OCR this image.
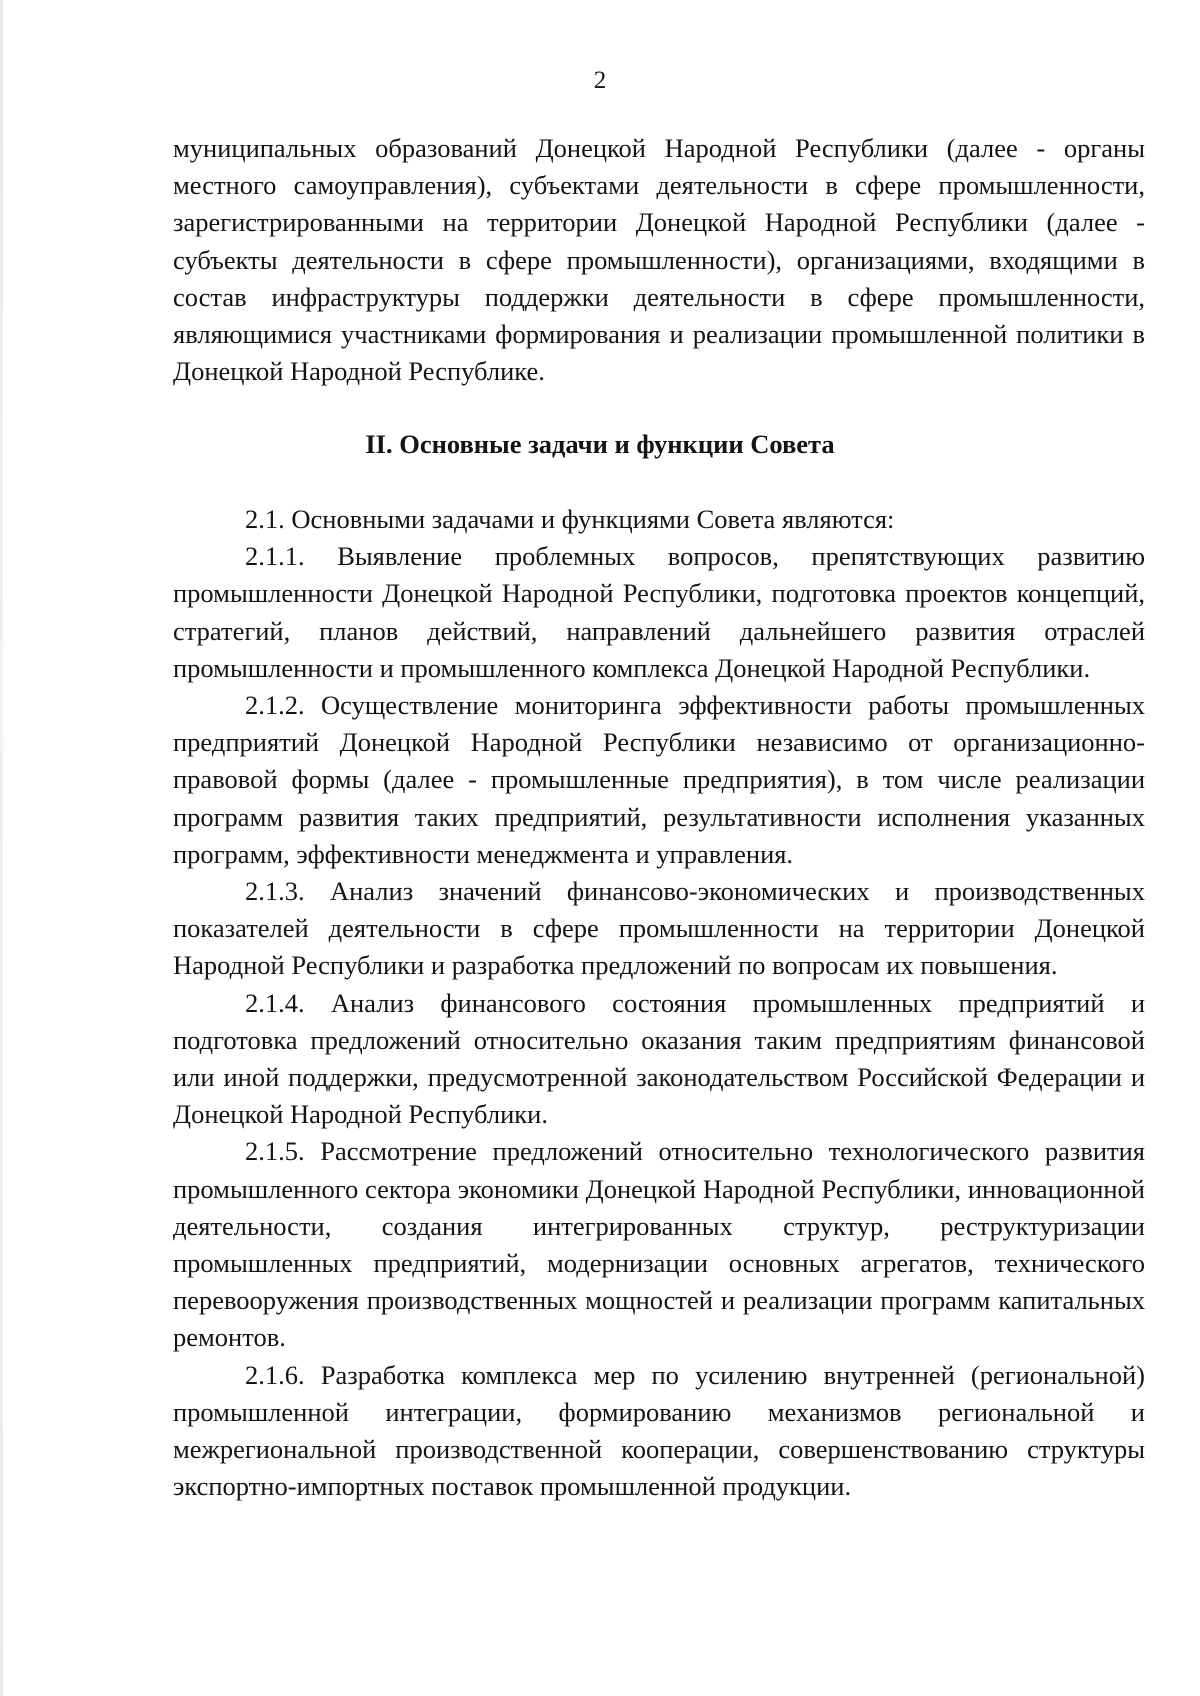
2

муниципальных образований Донецкой Народной Республики (далее - органы местного самоуправления), субъектами деятельности в сфере промышленности, зарегистрированными на территории Донецкой Народной Республики (далее - субъекты деятельности в сфере промышленности), организациями, входящими в состав инфраструктуры поддержки деятельности в сфере промышленности, являющимися участниками формирования и реализации промышленной политики в Донецкой Народной Республике.

II. Основные задачи и функции Совета

2.1. Основными задачами и функциями Совета являются:

2.1.1. Выявление проблемных вопросов, препятствующих развитию промышленности Донецкой Народной Республики, подготовка проектов концепций, стратегий, планов действий, направлений дальнейшего развития отраслей промышленности и промышленного комплекса Донецкой Народной Республики.

2.1.2. Осуществление мониторинга эффективности работы промышленных предприятий Донецкой Народной Республики независимо от организационно-правовой формы (далее - промышленные предприятия), в том числе реализации программ развития таких предприятий, результативности исполнения указанных программ, эффективности менеджмента и управления.

2.1.3. Анализ значений финансово-экономических и производственных показателей деятельности в сфере промышленности на территории Донецкой Народной Республики и разработка предложений по вопросам их повышения.

2.1.4. Анализ финансового состояния промышленных предприятий и подготовка предложений относительно оказания таким предприятиям финансовой или иной поддержки, предусмотренной законодательством Российской Федерации и Донецкой Народной Республики.

2.1.5. Рассмотрение предложений относительно технологического развития промышленного сектора экономики Донецкой Народной Республики, инновационной деятельности, создания интегрированных структур, реструктуризации промышленных предприятий, модернизации основных агрегатов, технического перевооружения производственных мощностей и реализации программ капитальных ремонтов.

2.1.6. Разработка комплекса мер по усилению внутренней (региональной) промышленной интеграции, формированию механизмов региональной и межрегиональной производственной кооперации, совершенствованию структуры экспортно-импортных поставок промышленной продукции.
